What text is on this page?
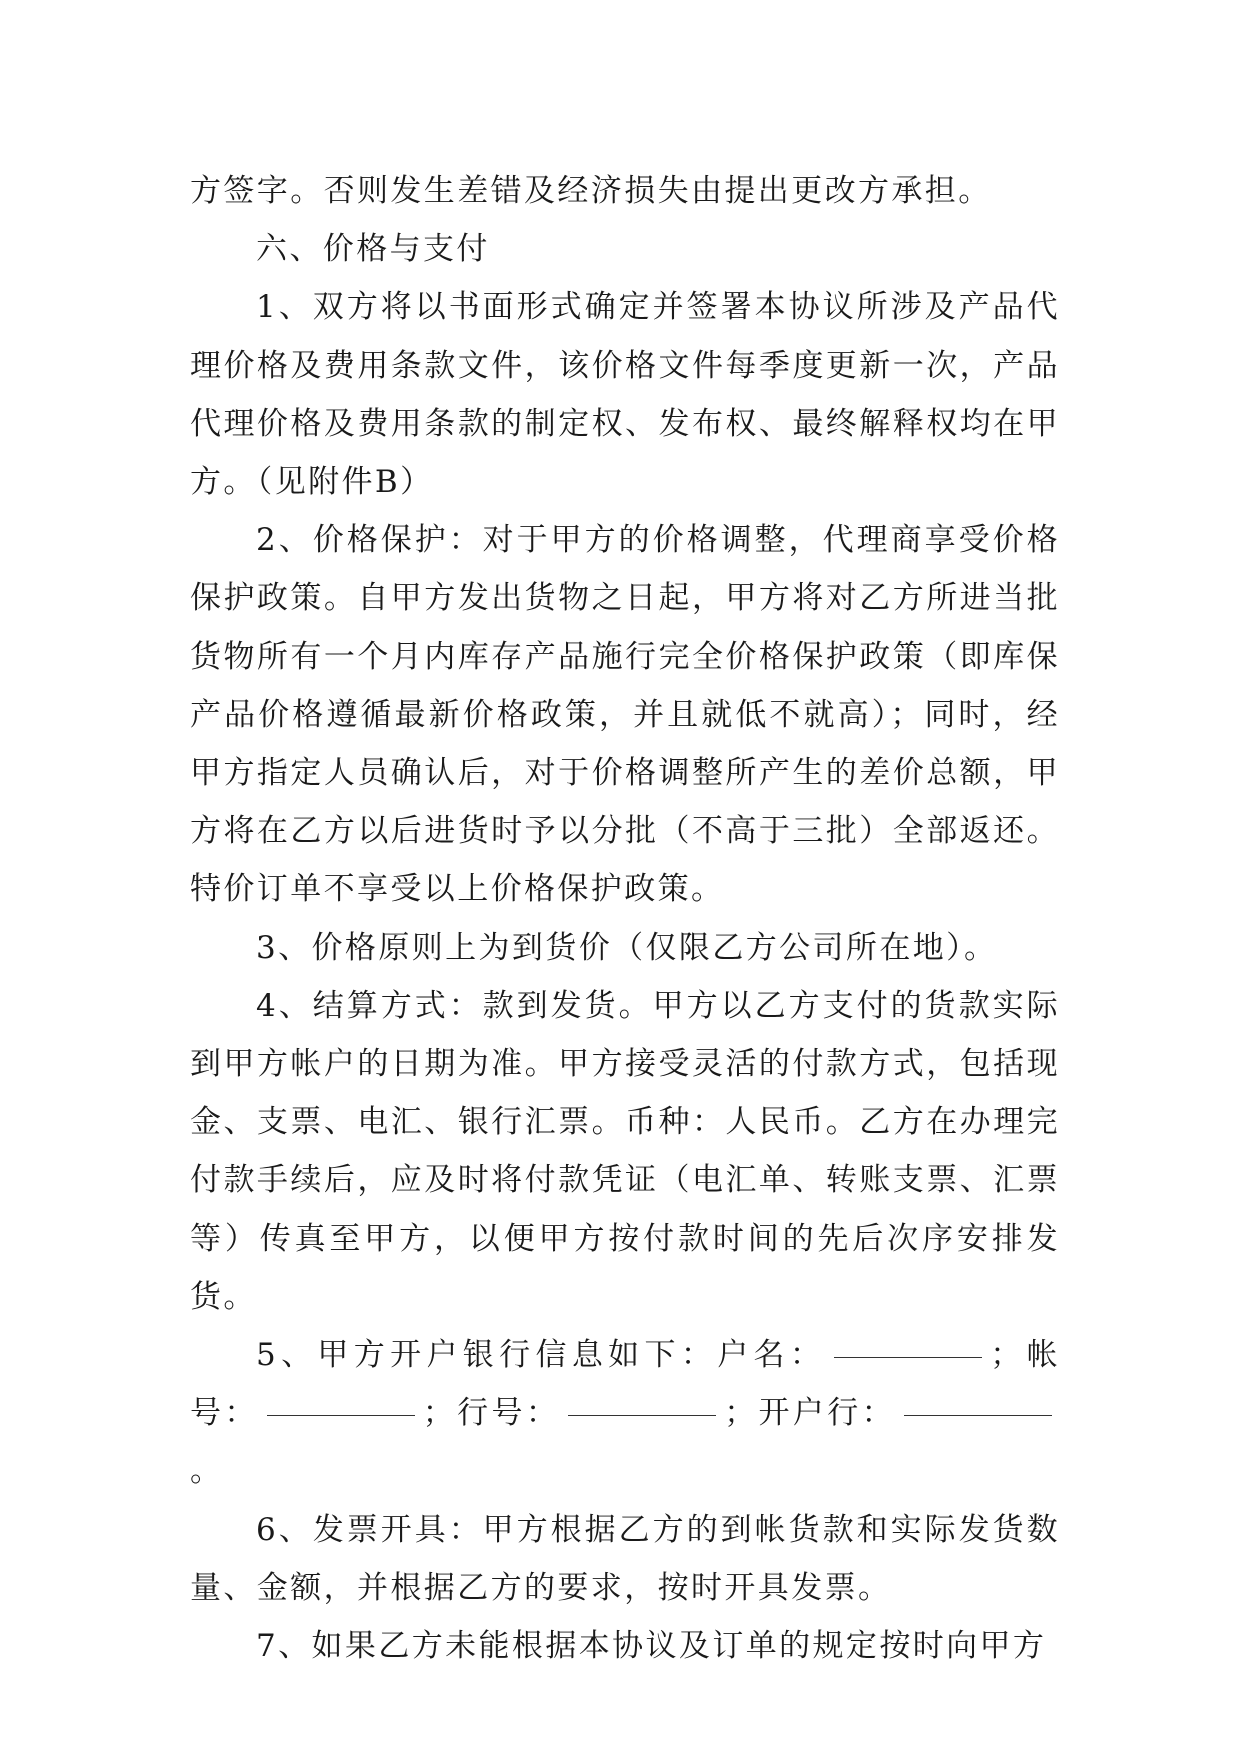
方签字。否则发生差错及经济损失由提出更改方承担。

六、价格与支付

1、双方将以书面形式确定并签署本协议所涉及产品代理价格及费用条款文件，该价格文件每季度更新一次，产品代理价格及费用条款的制定权、发布权、最终解释权均在甲方。（见附件B）

2、价格保护：对于甲方的价格调整，代理商享受价格保护政策。自甲方发出货物之日起，甲方将对乙方所进当批货物所有一个月内库存产品施行完全价格保护政策（即库保产品价格遵循最新价格政策，并且就低不就高）；同时，经甲方指定人员确认后，对于价格调整所产生的差价总额，甲方将在乙方以后进货时予以分批（不高于三批）全部返还。特价订单不享受以上价格保护政策。

3、价格原则上为到货价（仅限乙方公司所在地）。

4、结算方式：款到发货。甲方以乙方支付的货款实际到甲方帐户的日期为准。甲方接受灵活的付款方式，包括现金、支票、电汇、银行汇票。币种：人民币。乙方在办理完付款手续后，应及时将付款凭证（电汇单、转账支票、汇票等）传真至甲方，以便甲方按付款时间的先后次序安排发货。

5、甲方开户银行信息如下：户名：	；帐号：	；行号：	；开户行：。

6、发票开具：甲方根据乙方的到帐货款和实际发货数量、金额，并根据乙方的要求，按时开具发票。

7、如果乙方未能根据本协议及订单的规定按时向甲方
